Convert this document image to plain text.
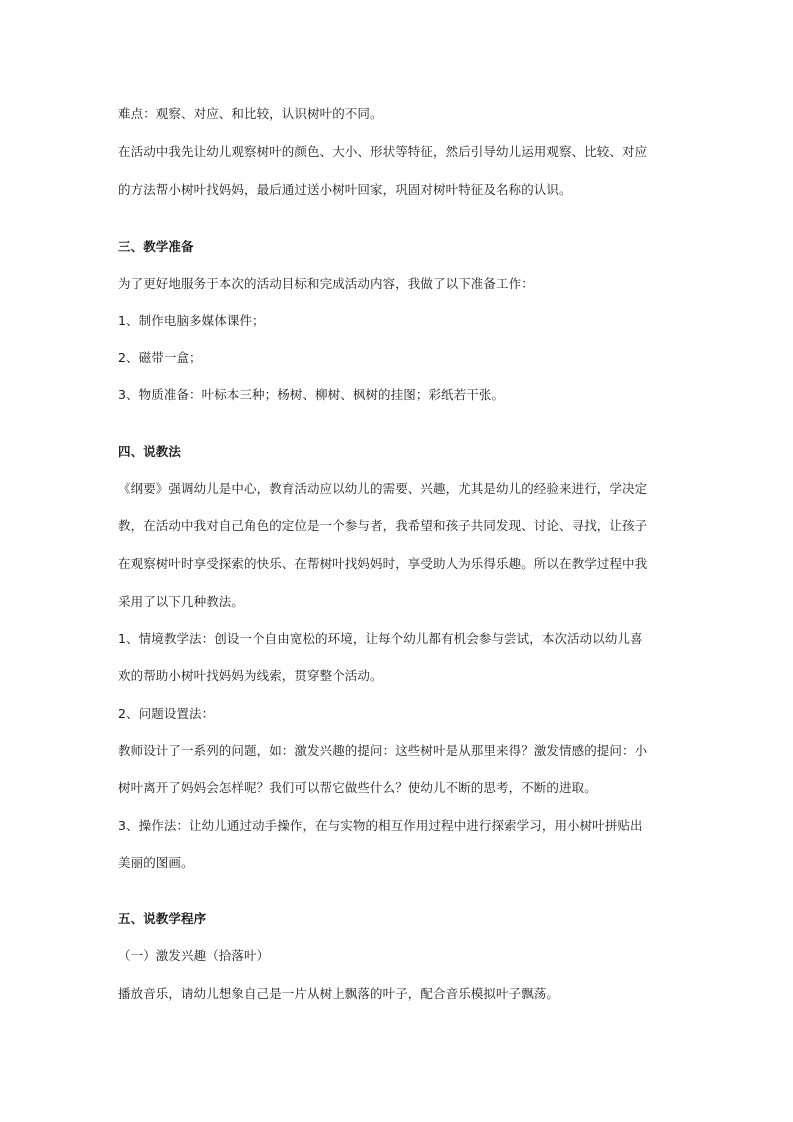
难点：观察、对应、和比较，认识树叶的不同。
在活动中我先让幼儿观察树叶的颜色、大小、形状等特征，然后引导幼儿运用观察、比较、对应
的方法帮小树叶找妈妈，最后通过送小树叶回家，巩固对树叶特征及名称的认识。
三、教学准备
为了更好地服务于本次的活动目标和完成活动内容，我做了以下准备工作：
1、制作电脑多媒体课件；
2、磁带一盒；
3、物质准备：叶标本三种；杨树、柳树、枫树的挂图；彩纸若干张。
四、说教法
《纲要》强调幼儿是中心，教育活动应以幼儿的需要、兴趣，尤其是幼儿的经验来进行，学决定
教，在活动中我对自己角色的定位是一个参与者，我希望和孩子共同发现、讨论、寻找，让孩子
在观察树叶时享受探索的快乐、在帮树叶找妈妈时，享受助人为乐得乐趣。所以在教学过程中我
采用了以下几种教法。
1、情境教学法：创设一个自由宽松的环境，让每个幼儿都有机会参与尝试，本次活动以幼儿喜
欢的帮助小树叶找妈妈为线索，贯穿整个活动。
2、问题设置法：
教师设计了一系列的问题，如：激发兴趣的提问：这些树叶是从那里来得？激发情感的提问：小
树叶离开了妈妈会怎样呢？我们可以帮它做些什么？使幼儿不断的思考，不断的进取。
3、操作法：让幼儿通过动手操作，在与实物的相互作用过程中进行探索学习，用小树叶拼贴出
美丽的图画。
五、说教学程序
（一）激发兴趣（拾落叶）
播放音乐，请幼儿想象自己是一片从树上飘落的叶子，配合音乐模拟叶子飘荡。
